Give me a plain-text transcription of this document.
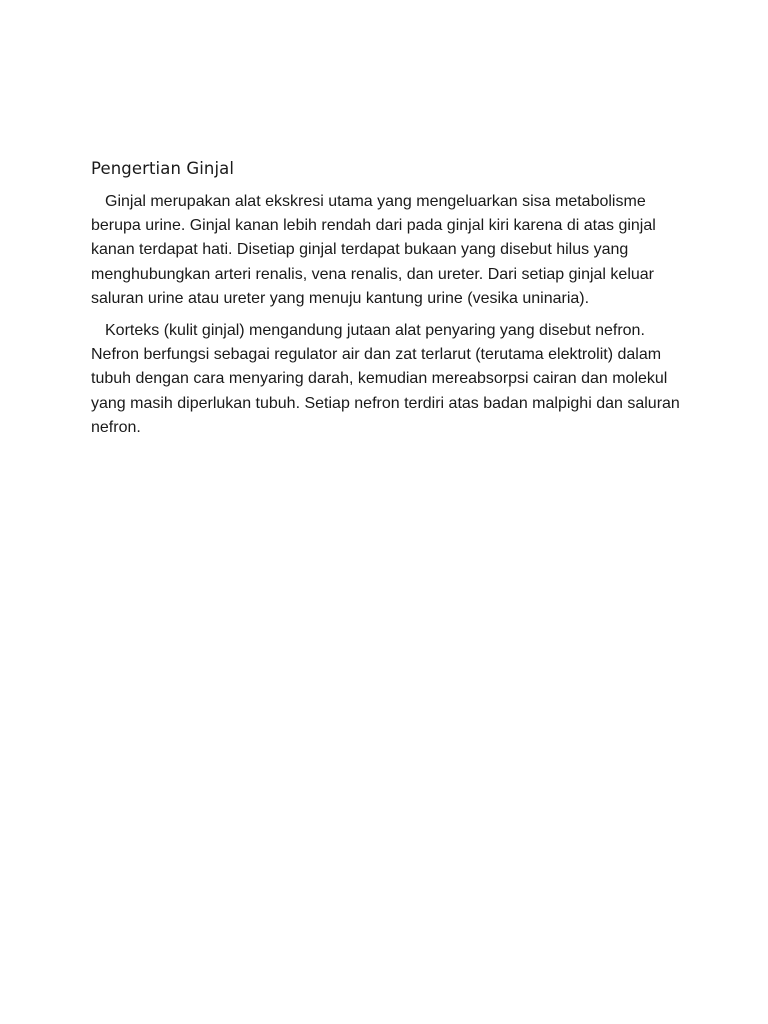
Pengertian Ginjal

Ginjal merupakan alat ekskresi utama yang mengeluarkan sisa metabolisme berupa urine. Ginjal kanan lebih rendah dari pada ginjal kiri karena di atas ginjal kanan terdapat hati. Disetiap ginjal terdapat bukaan yang disebut hilus yang menghubungkan arteri renalis, vena renalis, dan ureter. Dari setiap ginjal keluar saluran urine atau ureter yang menuju kantung urine (vesika uninaria).

Korteks (kulit ginjal) mengandung jutaan alat penyaring yang disebut nefron. Nefron berfungsi sebagai regulator air dan zat terlarut (terutama elektrolit) dalam tubuh dengan cara menyaring darah, kemudian mereabsorpsi cairan dan molekul yang masih diperlukan tubuh. Setiap nefron terdiri atas badan malpighi dan saluran nefron.
